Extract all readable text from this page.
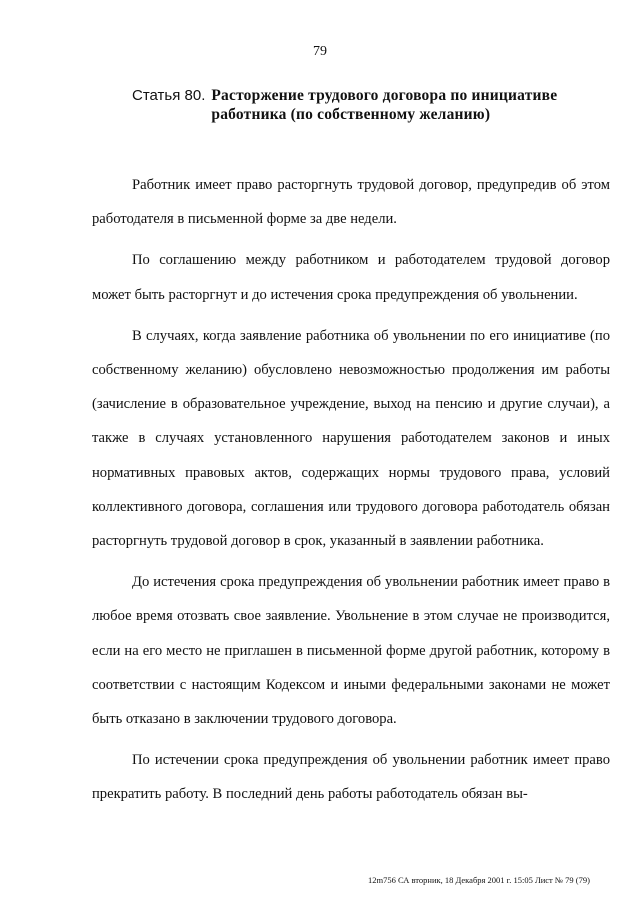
79
Статья 80. Расторжение трудового договора по инициативе работника (по собственному желанию)

Работник имеет право расторгнуть трудовой договор, предупредив об этом работодателя в письменной форме за две недели.

По соглашению между работником и работодателем трудовой договор может быть расторгнут и до истечения срока предупреждения об увольнении.

В случаях, когда заявление работника об увольнении по его инициативе (по собственному желанию) обусловлено невозможностью продолжения им работы (зачисление в образовательное учреждение, выход на пенсию и другие случаи), а также в случаях установленного нарушения работодателем законов и иных нормативных правовых актов, содержащих нормы трудового права, условий коллективного договора, соглашения или трудового договора работодатель обязан расторгнуть трудовой договор в срок, указанный в заявлении работника.

До истечения срока предупреждения об увольнении работник имеет право в любое время отозвать свое заявление. Увольнение в этом случае не производится, если на его место не приглашен в письменной форме другой работник, которому в соответствии с настоящим Кодексом и иными федеральными законами не может быть отказано в заключении трудового договора.

По истечении срока предупреждения об увольнении работник имеет право прекратить работу. В последний день работы работодатель обязан вы-

12m756 СА вторник, 18 Декабря 2001 г. 15:05 Лист № 79 (79)
